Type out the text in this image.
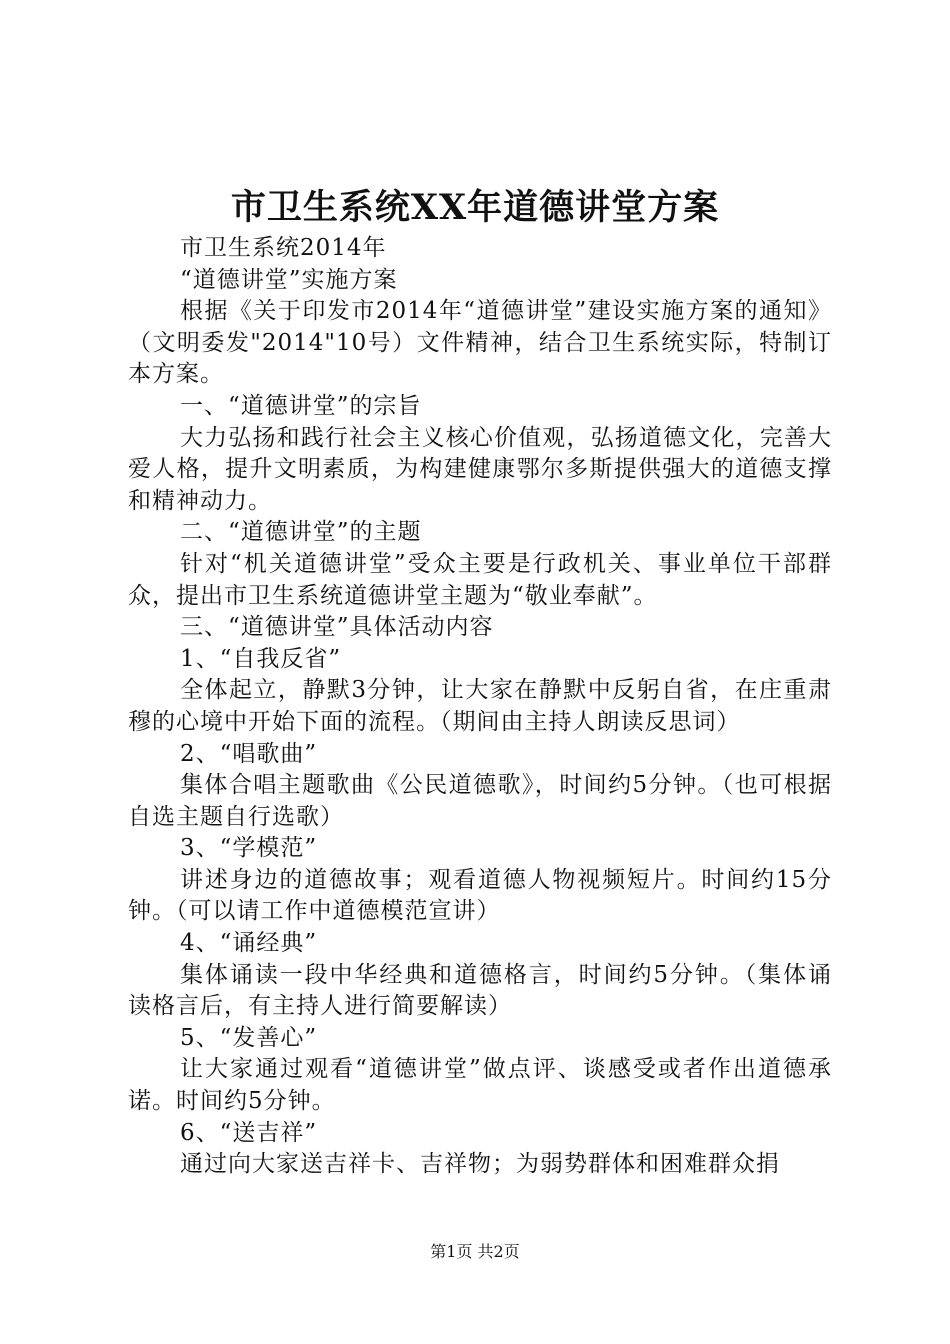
市卫生系统XX年道德讲堂方案

市卫生系统2014年

“道德讲堂”实施方案

根据《关于印发市2014年“道德讲堂”建设实施方案的通知》（文明委发"2014"10号）文件精神，结合卫生系统实际，特制订本方案。

一、“道德讲堂”的宗旨

大力弘扬和践行社会主义核心价值观，弘扬道德文化，完善大爱人格，提升文明素质，为构建健康鄂尔多斯提供强大的道德支撑和精神动力。

二、“道德讲堂”的主题

针对“机关道德讲堂”受众主要是行政机关、事业单位干部群众，提出市卫生系统道德讲堂主题为“敬业奉献”。

三、“道德讲堂”具体活动内容

1、“自我反省”

全体起立，静默3分钟，让大家在静默中反躬自省，在庄重肃穆的心境中开始下面的流程。（期间由主持人朗读反思词）

2、“唱歌曲”

集体合唱主题歌曲《公民道德歌》，时间约5分钟。（也可根据自选主题自行选歌）

3、“学模范”

讲述身边的道德故事；观看道德人物视频短片。时间约15分钟。（可以请工作中道德模范宣讲）

4、“诵经典”

集体诵读一段中华经典和道德格言，时间约5分钟。（集体诵读格言后，有主持人进行简要解读）

5、“发善心”

让大家通过观看“道德讲堂”做点评、谈感受或者作出道德承诺。时间约5分钟。

6、“送吉祥”

通过向大家送吉祥卡、吉祥物；为弱势群体和困难群众捐

第1页 共2页
